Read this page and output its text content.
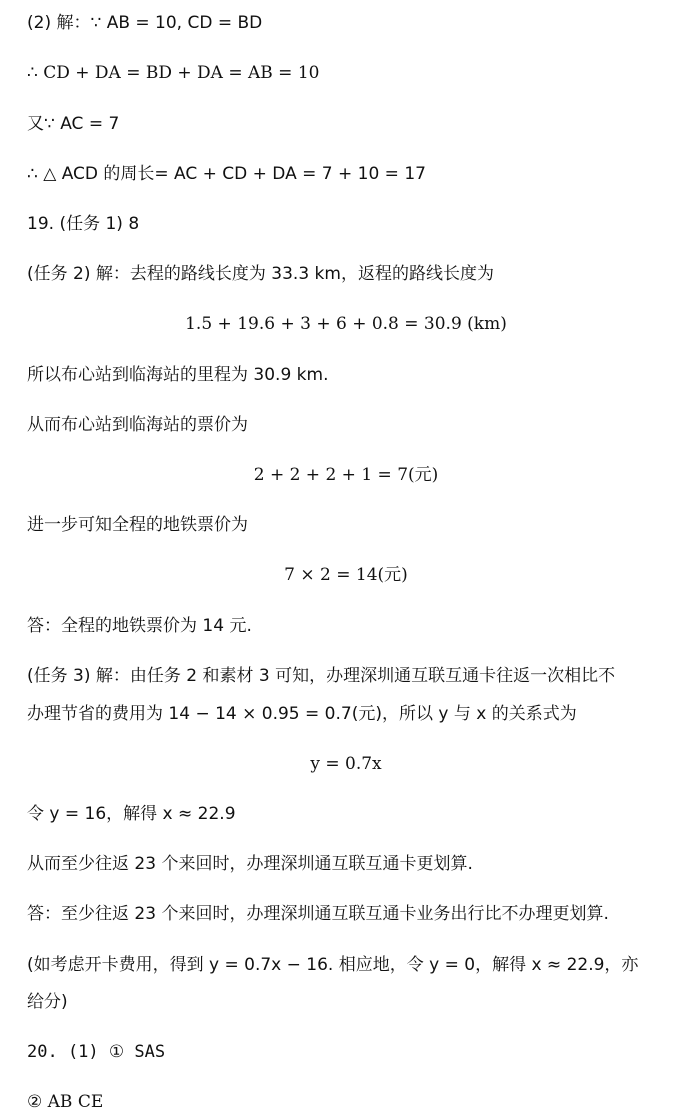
(2) 解：∵ AB = 10, CD = BD
∴ CD + DA = BD + DA = AB = 10
又∵ AC = 7
∴ △ ACD 的周长= AC + CD + DA = 7 + 10 = 17
19. (任务 1) 8
(任务 2) 解：去程的路线长度为 33.3 km，返程的路线长度为
1.5 + 19.6 + 3 + 6 + 0.8 = 30.9 (km)
所以布心站到临海站的里程为 30.9 km.
从而布心站到临海站的票价为
2 + 2 + 2 + 1 = 7(元)
进一步可知全程的地铁票价为
7 × 2 = 14(元)
答：全程的地铁票价为 14 元.
(任务 3) 解：由任务 2 和素材 3 可知，办理深圳通互联互通卡往返一次相比不
办理节省的费用为 14 − 14 × 0.95 = 0.7(元)，所以 y 与 x 的关系式为
y = 0.7x
令 y = 16，解得 x ≈ 22.9
从而至少往返 23 个来回时，办理深圳通互联互通卡更划算.
答：至少往返 23 个来回时，办理深圳通互联互通卡业务出行比不办理更划算.
(如考虑开卡费用，得到 y = 0.7x − 16. 相应地，令 y = 0，解得 x ≈ 22.9，亦
给分)
20. (1) ① SAS
② AB CE
